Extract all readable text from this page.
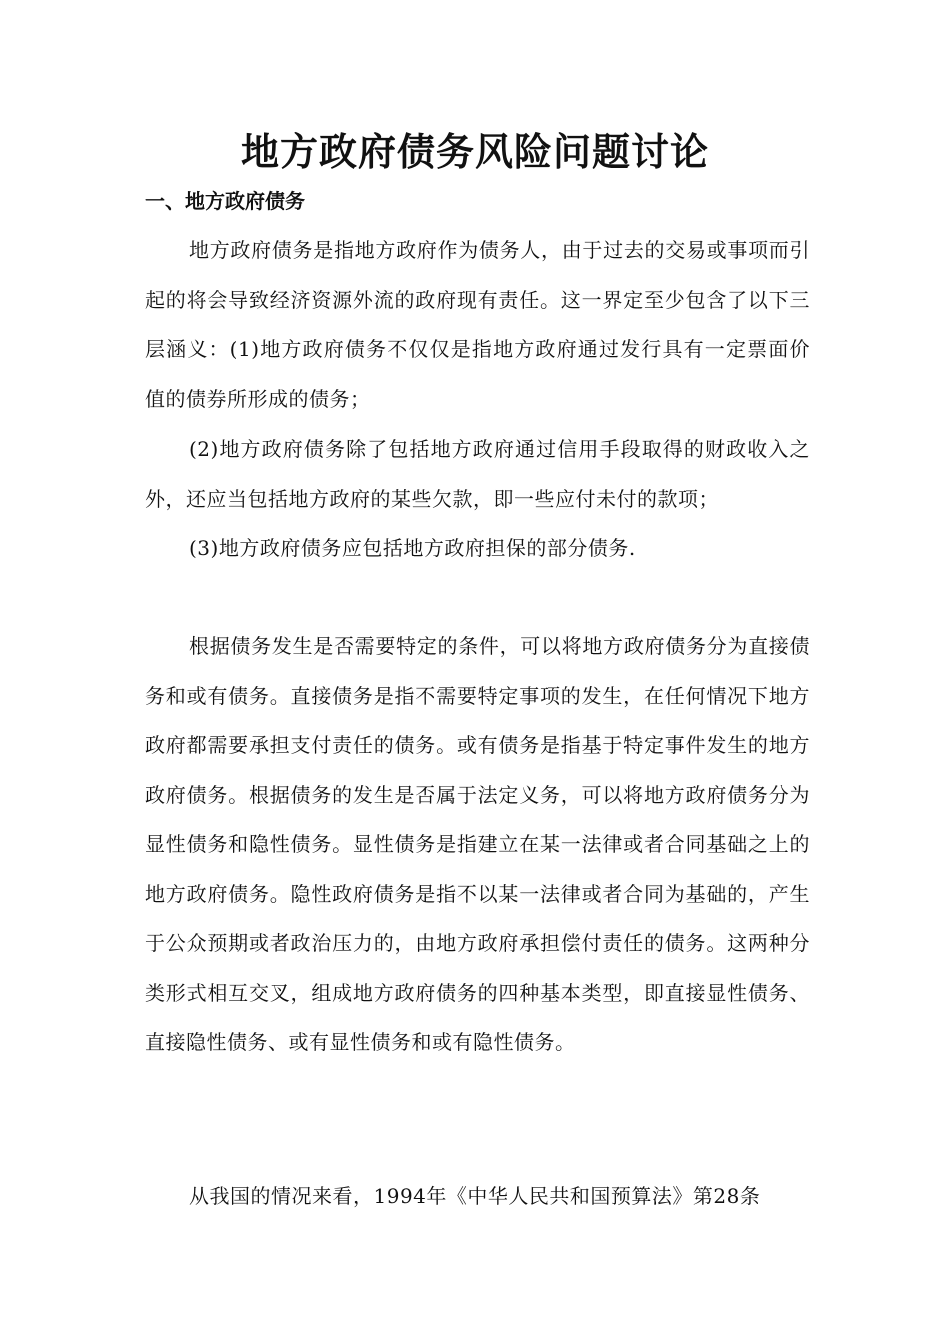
地方政府债务风险问题讨论
一、地方政府债务

地方政府债务是指地方政府作为债务人，由于过去的交易或事项而引起的将会导致经济资源外流的政府现有责任。这一界定至少包含了以下三层涵义：(1)地方政府债务不仅仅是指地方政府通过发行具有一定票面价值的债券所形成的债务；

(2)地方政府债务除了包括地方政府通过信用手段取得的财政收入之外，还应当包括地方政府的某些欠款，即一些应付未付的款项；

(3)地方政府债务应包括地方政府担保的部分债务.

根据债务发生是否需要特定的条件，可以将地方政府债务分为直接债务和或有债务。直接债务是指不需要特定事项的发生，在任何情况下地方政府都需要承担支付责任的债务。或有债务是指基于特定事件发生的地方政府债务。根据债务的发生是否属于法定义务，可以将地方政府债务分为显性债务和隐性债务。显性债务是指建立在某一法律或者合同基础之上的地方政府债务。隐性政府债务是指不以某一法律或者合同为基础的，产生于公众预期或者政治压力的，由地方政府承担偿付责任的债务。这两种分类形式相互交叉，组成地方政府债务的四种基本类型，即直接显性债务、直接隐性债务、或有显性债务和或有隐性债务。

从我国的情况来看，1994年《中华人民共和国预算法》第28条
